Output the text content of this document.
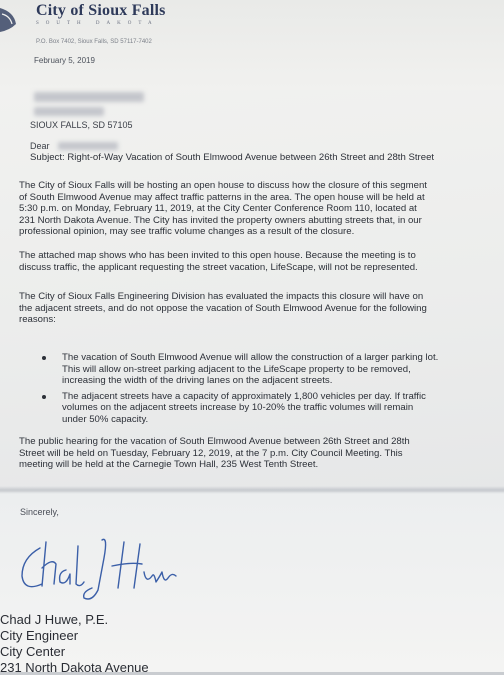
City of Sioux Falls
SOUTH DAKOTA
P.O. Box 7402, Sioux Falls, SD 57117-7402
February 5, 2019
SIOUX FALLS, SD 57105
Dear
Subject: Right-of-Way Vacation of South Elmwood Avenue between 26th Street and 28th Street
The City of Sioux Falls will be hosting an open house to discuss how the closure of this segment
of South Elmwood Avenue may affect traffic patterns in the area. The open house will be held at
5:30 p.m. on Monday, February 11, 2019, at the City Center Conference Room 110, located at
231 North Dakota Avenue. The City has invited the property owners abutting streets that, in our
professional opinion, may see traffic volume changes as a result of the closure.
The attached map shows who has been invited to this open house. Because the meeting is to
discuss traffic, the applicant requesting the street vacation, LifeScape, will not be represented.
The City of Sioux Falls Engineering Division has evaluated the impacts this closure will have on
the adjacent streets, and do not oppose the vacation of South Elmwood Avenue for the following
reasons:
The vacation of South Elmwood Avenue will allow the construction of a larger parking lot.
This will allow on-street parking adjacent to the LifeScape property to be removed,
increasing the width of the driving lanes on the adjacent streets.
The adjacent streets have a capacity of approximately 1,800 vehicles per day. If traffic
volumes on the adjacent streets increase by 10-20% the traffic volumes will remain
under 50% capacity.
The public hearing for the vacation of South Elmwood Avenue between 26th Street and 28th
Street will be held on Tuesday, February 12, 2019, at the 7 p.m. City Council Meeting. This
meeting will be held at the Carnegie Town Hall, 235 West Tenth Street.
Sincerely,
Chad J Huwe, P.E.
City Engineer
City Center
231 North Dakota Avenue
